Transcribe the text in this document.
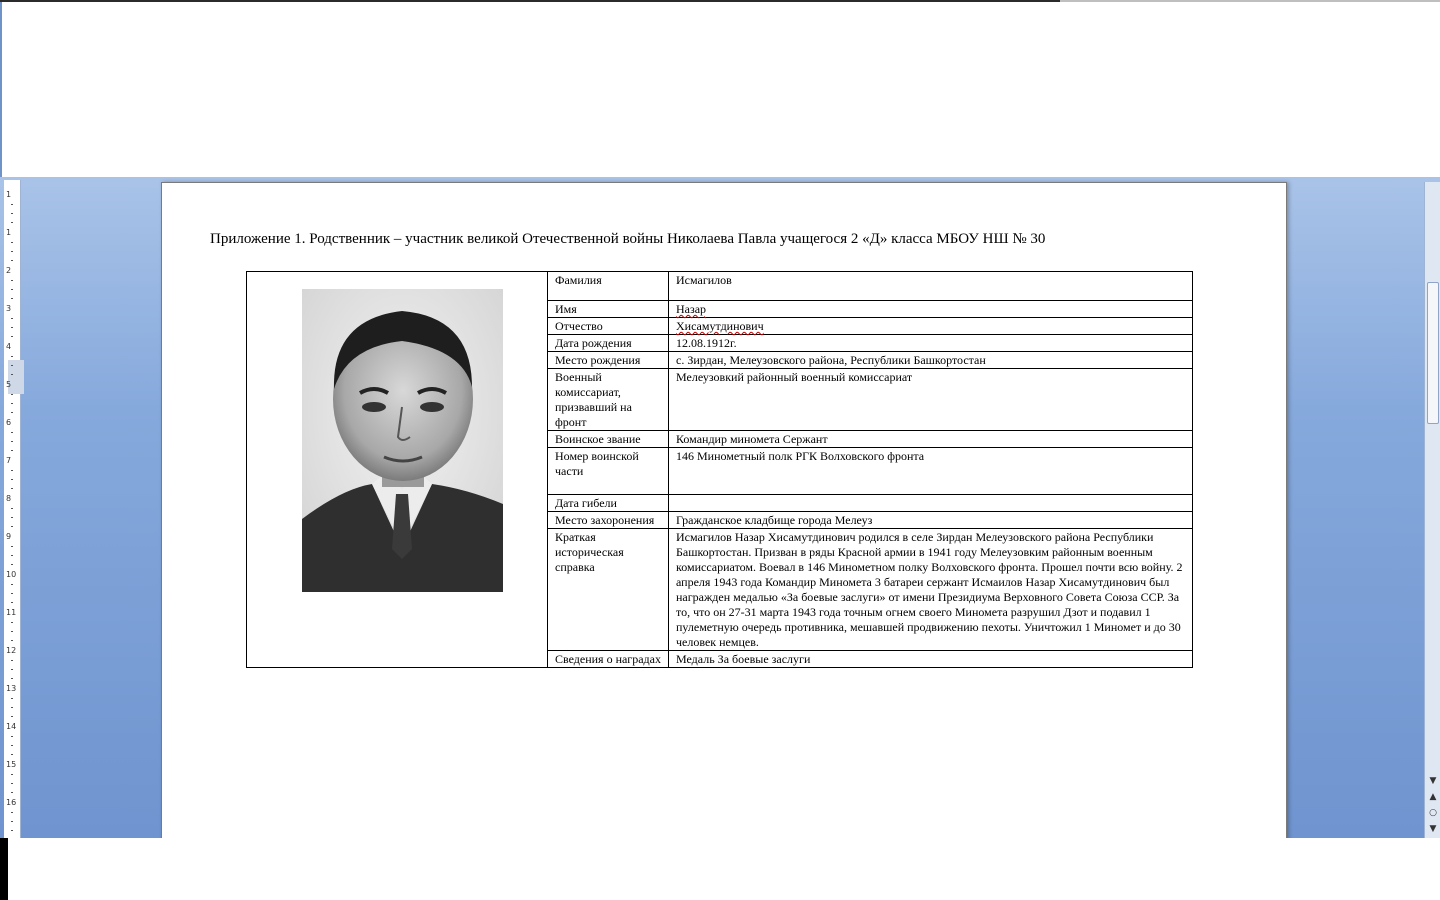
1
1
2
3
4
5
6
7
8
9
10
11
12
13
14
15
16
Приложение 1. Родственник – участник великой Отечественной войны Николаева Павла учащегося 2 «Д» класса МБОУ НШ № 30
	Фамилия	Исмагилов
	Имя	Назар
	Отчество	Хисамутдинович
	Дата рождения	12.08.1912г.
	Место рождения	с. Зирдан, Мелеузовского района, Республики Башкортостан
	Военный комиссариат, призвавший на фронт	Мелеузовкий районный военный комиссариат
	Воинское звание	Командир миномета Сержант
	Номер воинской части	146 Минометный полк РГК Волховского фронта
	Дата гибели	
	Место захоронения	Гражданское кладбище города Мелеуз
	Краткая историческая справка	Исмагилов Назар Хисамутдинович родился в селе Зирдан Мелеузовского района Республики Башкортостан. Призван в ряды Красной армии в 1941 году Мелеузовким районным военным комиссариатом. Воевал в 146 Минометном полку Волховского фронта. Прошел почти всю войну. 2 апреля 1943 года Командир Минометa 3 батареи сержант Исмаилов Назар Хисамутдинович был награжден медалью «За боевые заслуги» от имени Президиума Верховного Совета Союза ССР. За то, что он 27-31 марта 1943 года точным огнем своего Миномета разрушил Дзот и подавил 1 пулеметную очередь противника, мешавшей продвижению пехоты. Уничтожил 1 Миномет и до 30 человек немцев.
	Сведения о наградах	Медаль За боевые заслуги
▼
▲
○
▼
